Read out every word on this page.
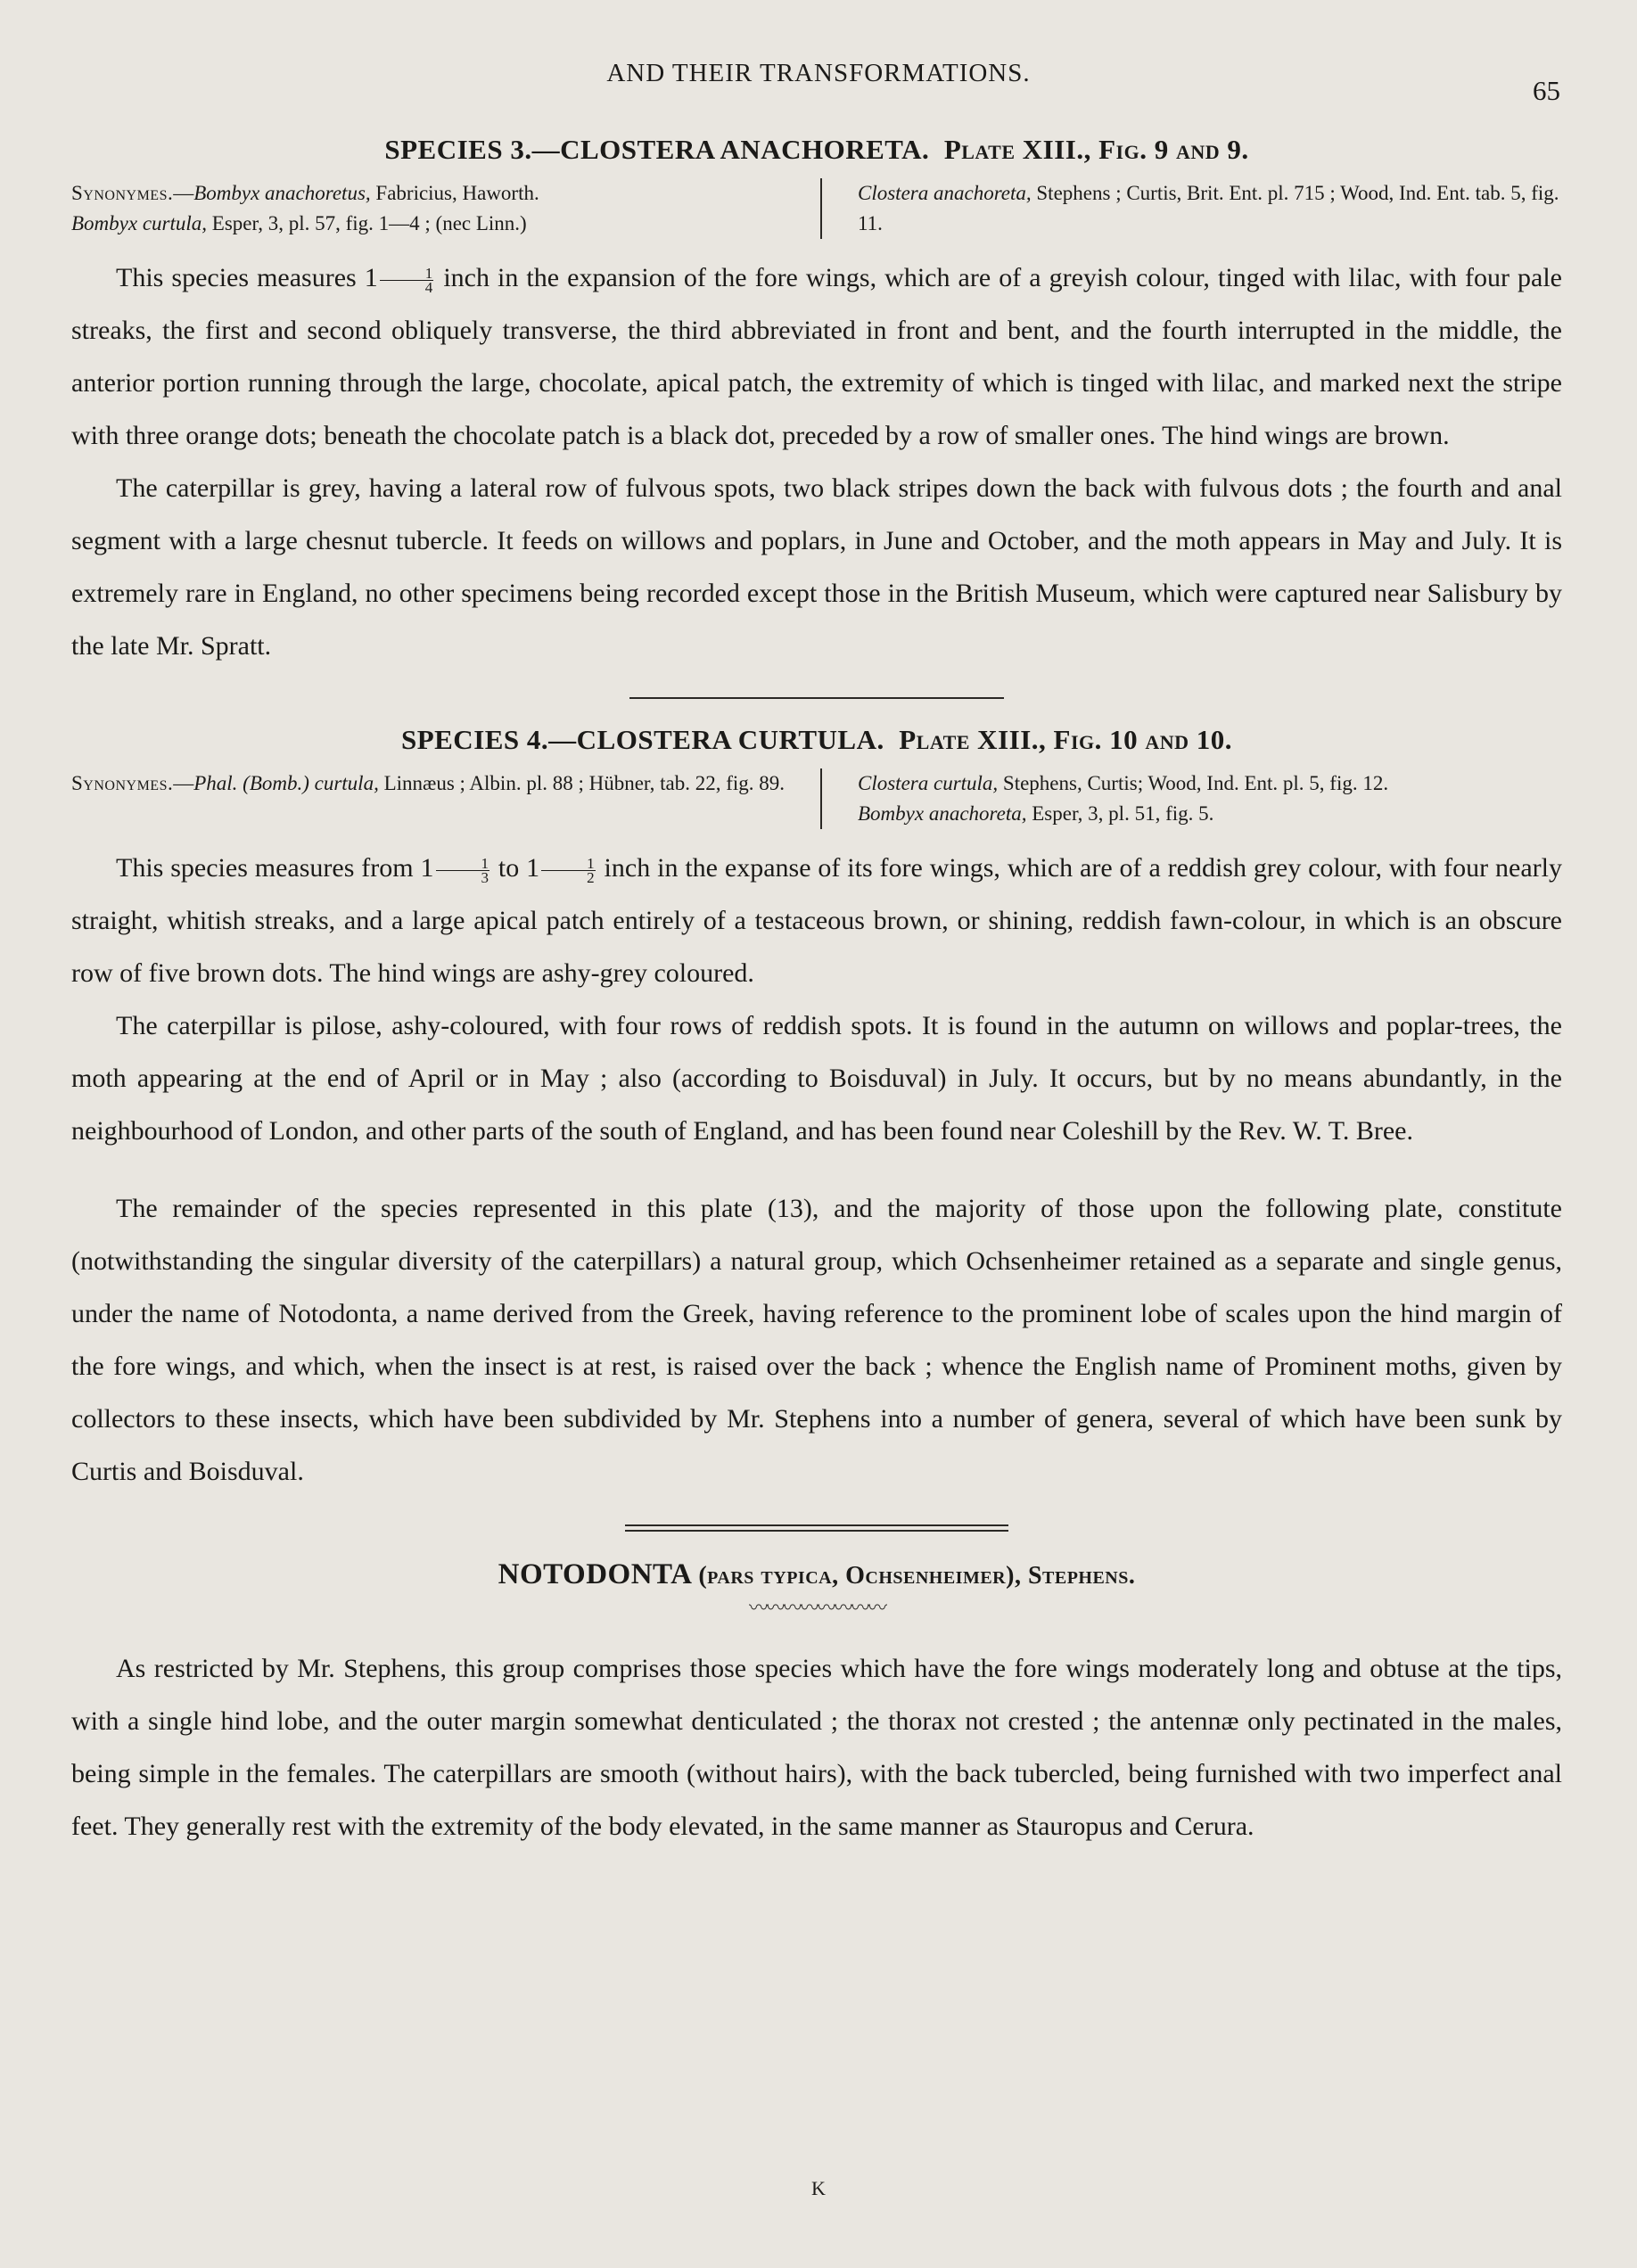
AND THEIR TRANSFORMATIONS.
65
SPECIES 3.—CLOSTERA ANACHORETA. Plate XIII., Fig. 9 and 9.
Synonymes.—Bombyx anachoretus, Fabricius, Haworth.
Bombyx curtula, Esper, 3, pl. 57, fig. 1—4 ; (nec Linn.)
Clostera anachoreta, Stephens ; Curtis, Brit. Ent. pl. 715 ; Wood, Ind. Ent. tab. 5, fig. 11.

This species measures $1 \frac{1}{4}$ inch in the expansion of the fore wings, which are of a greyish colour, tinged with lilac, with four pale streaks, the first and second obliquely transverse, the third abbreviated in front and bent, and the fourth interrupted in the middle, the anterior portion running through the large, chocolate, apical patch, the extremity of which is tinged with lilac, and marked next the stripe with three orange dots; beneath the chocolate patch is a black dot, preceded by a row of smaller ones. The hind wings are brown.

The caterpillar is grey, having a lateral row of fulvous spots, two black stripes down the back with fulvous dots ; the fourth and anal segment with a large chesnut tubercle. It feeds on willows and poplars, in June and October, and the moth appears in May and July. It is extremely rare in England, no other specimens being recorded except those in the British Museum, which were captured near Salisbury by the late Mr. Spratt.

SPECIES 4.—CLOSTERA CURTULA. Plate XIII., Fig. 10 and 10.
Synonymes.—Phal. (Bomb.) curtula, Linnæus ; Albin. pl. 88 ; Hübner, tab. 22, fig. 89.	Clostera curtula, Stephens, Curtis; Wood, Ind. Ent. pl. 5, fig. 12.
Bombyx anachoreta, Esper, 3, pl. 51, fig. 5.

This species measures from $1 \frac{1}{3}$ to $1 \frac{1}{2}$ inch in the expanse of its fore wings, which are of a reddish grey colour, with four nearly straight, whitish streaks, and a large apical patch entirely of a testaceous brown, or shining, reddish fawn-colour, in which is an obscure row of five brown dots. The hind wings are ashy-grey coloured.

The caterpillar is pilose, ashy-coloured, with four rows of reddish spots. It is found in the autumn on willows and poplar-trees, the moth appearing at the end of April or in May ; also (according to Boisduval) in July. It occurs, but by no means abundantly, in the neighbourhood of London, and other parts of the south of England, and has been found near Coleshill by the Rev. W. T. Bree.

The remainder of the species represented in this plate (13), and the majority of those upon the following plate, constitute (notwithstanding the singular diversity of the caterpillars) a natural group, which Ochsenheimer retained as a separate and single genus, under the name of Notodonta, a name derived from the Greek, having reference to the prominent lobe of scales upon the hind margin of the fore wings, and which, when the insect is at rest, is raised over the back ; whence the English name of Prominent moths, given by collectors to these insects, which have been subdivided by Mr. Stephens into a number of genera, several of which have been sunk by Curtis and Boisduval.

NOTODONTA (pars typica, Ochsenheimer), Stephens.
〰〰〰〰〰〰〰〰

As restricted by Mr. Stephens, this group comprises those species which have the fore wings moderately long and obtuse at the tips, with a single hind lobe, and the outer margin somewhat denticulated ; the thorax not crested ; the antennæ only pectinated in the males, being simple in the females. The caterpillars are smooth (without hairs), with the back tubercled, being furnished with two imperfect anal feet. They generally rest with the extremity of the body elevated, in the same manner as Stauropus and Cerura.

K
